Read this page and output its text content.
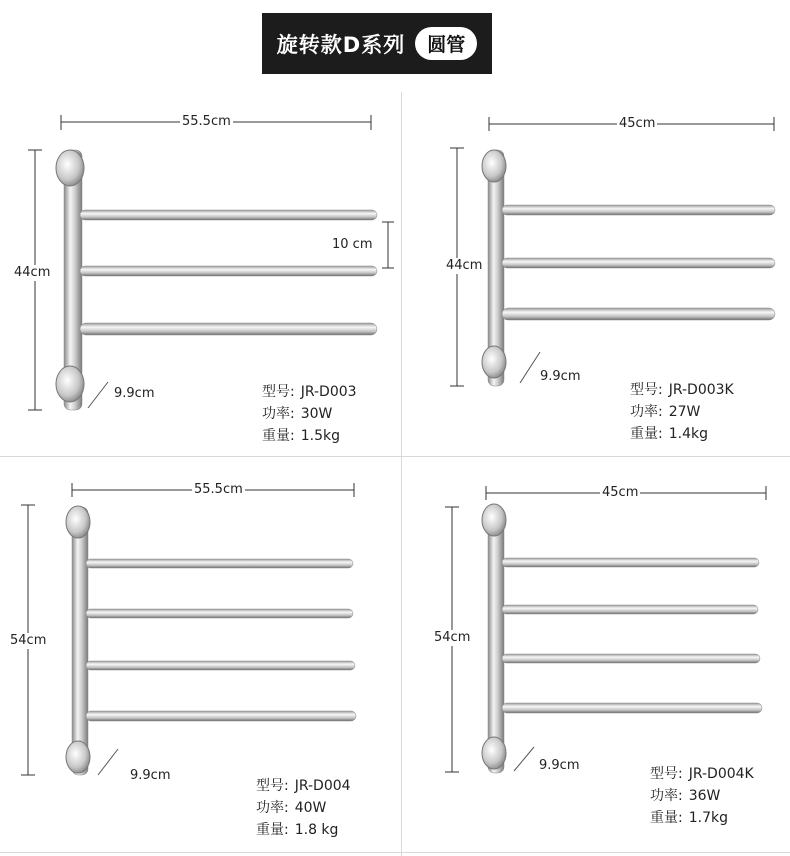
旋转款D系列	圆管
55.5cm
44cm
10 cm
9.9cm	型号: JR-D003
功率: 30W
重量: 1.5kg
45cm
44cm
9.9cm
型号: JR-D003K
功率: 27W
重量: 1.4kg
55.5cm
54cm
9.9cm
型号: JR-D004
功率: 40W
重量: 1.8 kg
45cm
54cm
9.9cm
型号: JR-D004K
功率: 36W
重量: 1.7kg
